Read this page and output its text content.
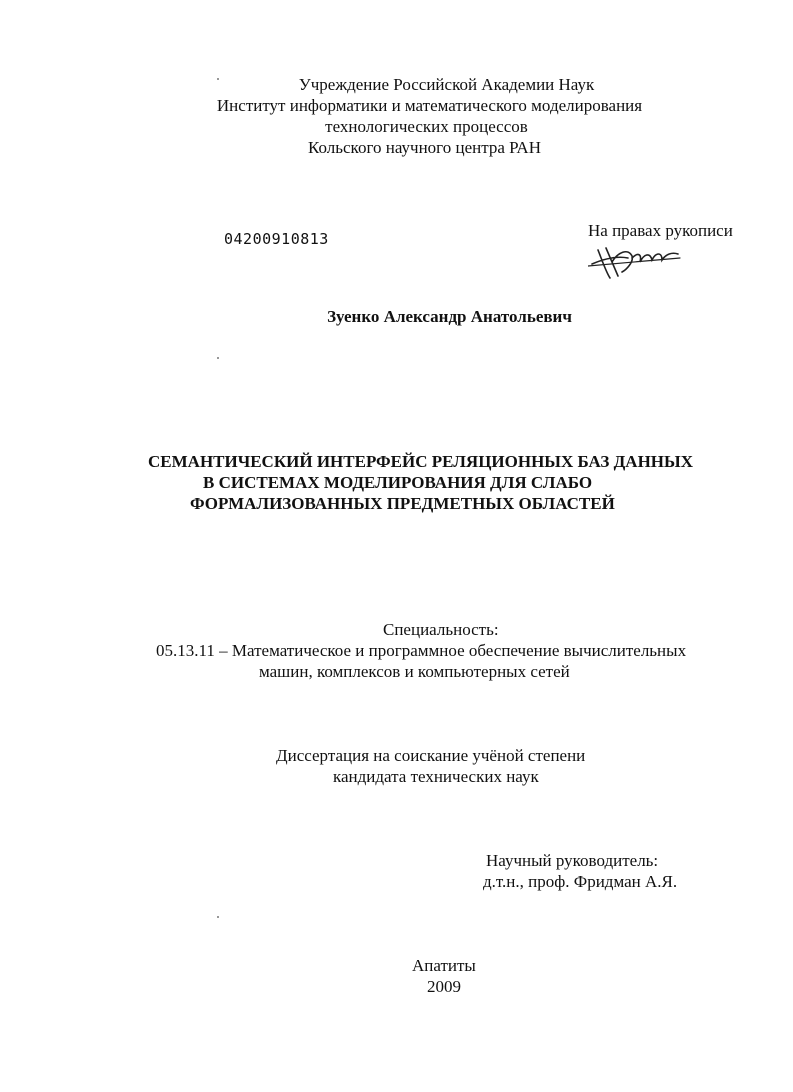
Учреждение Российской Академии Наук
Институт информатики и математического моделирования
технологических процессов
Кольского научного центра РАН
04200910813	На правах рукописи
Зуенко Александр Анатольевич
СЕМАНТИЧЕСКИЙ ИНТЕРФЕЙС РЕЛЯЦИОННЫХ БАЗ ДАННЫХ
В СИСТЕМАХ МОДЕЛИРОВАНИЯ ДЛЯ СЛАБО
ФОРМАЛИЗОВАННЫХ ПРЕДМЕТНЫХ ОБЛАСТЕЙ
Специальность:
05.13.11 – Математическое и программное обеспечение вычислительных
машин, комплексов и компьютерных сетей
Диссертация на соискание учёной степени
кандидата технических наук
Научный руководитель:
д.т.н., проф. Фридман А.Я.
Апатиты
2009
